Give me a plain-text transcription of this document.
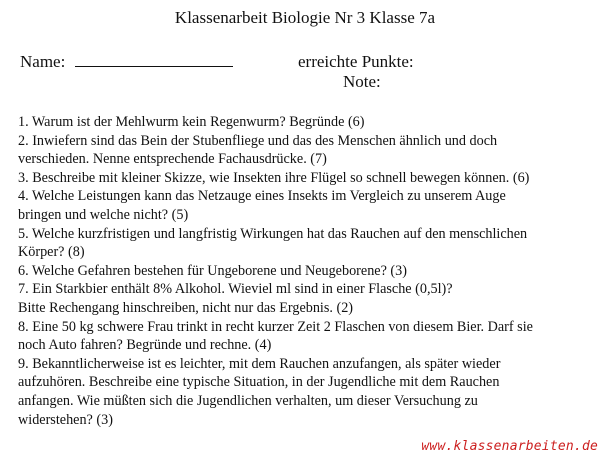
Klassenarbeit Biologie Nr 3 Klasse 7a
Name:	erreichte Punkte:
Note:

1. Warum ist der Mehlwurm kein Regenwurm? Begründe (6)

2. Inwiefern sind das Bein der Stubenfliege und das des Menschen ähnlich und doch

verschieden. Nenne entsprechende Fachausdrücke. (7)

3. Beschreibe mit kleiner Skizze, wie Insekten ihre Flügel so schnell bewegen können. (6)

4. Welche Leistungen kann das Netzauge eines Insekts im Vergleich zu unserem Auge

bringen und welche nicht? (5)

5. Welche kurzfristigen und langfristig Wirkungen hat das Rauchen auf den menschlichen

Körper? (8)

6. Welche Gefahren bestehen für Ungeborene und Neugeborene? (3)

7. Ein Starkbier enthält 8% Alkohol. Wieviel ml sind in einer Flasche (0,5l)?

Bitte Rechengang hinschreiben, nicht nur das Ergebnis. (2)

8. Eine 50 kg schwere Frau trinkt in recht kurzer Zeit 2 Flaschen von diesem Bier. Darf sie

noch Auto fahren? Begründe und rechne. (4)

9. Bekanntlicherweise ist es leichter, mit dem Rauchen anzufangen, als später wieder

aufzuhören. Beschreibe eine typische Situation, in der Jugendliche mit dem Rauchen

anfangen. Wie müßten sich die Jugendlichen verhalten, um dieser Versuchung zu

widerstehen? (3)

www.klassenarbeiten.de
